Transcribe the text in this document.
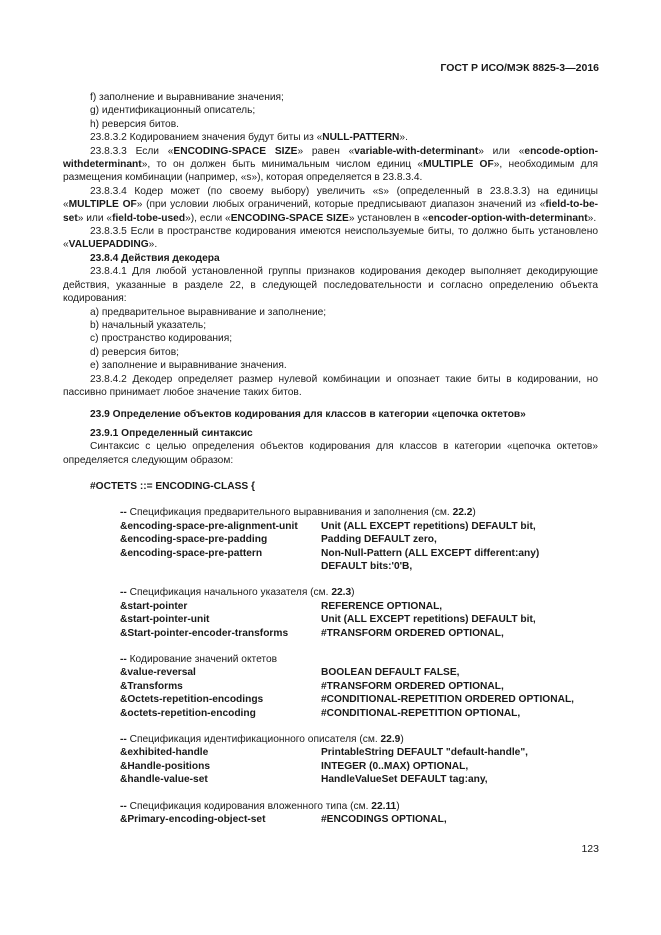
ГОСТ Р ИСО/МЭК 8825-3—2016

f) заполнение и выравнивание значения;

g) идентификационный описатель;

h) реверсия битов.

23.8.3.2 Кодированием значения будут биты из «NULL-PATTERN».

23.8.3.3 Если «ENCODING-SPACE SIZE» равен «variable-with-determinant» или «encode-option-withdeterminant», то он должен быть минимальным числом единиц «MULTIPLE OF», необходимым для размещения комбинации (например, «s»), которая определяется в 23.8.3.4.

23.8.3.4 Кодер может (по своему выбору) увеличить «s» (определенный в 23.8.3.3) на единицы «MULTIPLE OF» (при условии любых ограничений, которые предписывают диапазон значений из «field-to-be-set» или «field-tobe-used»), если «ENCODING-SPACE SIZE» установлен в «encoder-option-with-determinant».

23.8.3.5 Если в пространстве кодирования имеются неиспользуемые биты, то должно быть установлено «VALUEPADDING».

23.8.4 Действия декодера

23.8.4.1 Для любой установленной группы признаков кодирования декодер выполняет декодирующие действия, указанные в разделе 22, в следующей последовательности и согласно определению объекта кодирования:

a) предварительное выравнивание и заполнение;

b) начальный указатель;

c) пространство кодирования;

d) реверсия битов;

e) заполнение и выравнивание значения.

23.8.4.2 Декодер определяет размер нулевой комбинации и опознает такие биты в кодировании, но пассивно принимает любое значение таких битов.

23.9 Определение объектов кодирования для классов в категории «цепочка октетов»

23.9.1 Определенный синтаксис

Синтаксис с целью определения объектов кодирования для классов в категории «цепочка октетов» определяется следующим образом:

#OCTETS ::= ENCODING-CLASS {

-- Спецификация предварительного выравнивания и заполнения (см. 22.2)

&encoding-space-pre-alignment-unit	Unit (ALL EXCEPT repetitions) DEFAULT bit,
&encoding-space-pre-padding	Padding DEFAULT zero,
&encoding-space-pre-pattern	Non-Null-Pattern (ALL EXCEPT different:any)
DEFAULT bits:'0'B,

-- Спецификация начального указателя (см. 22.3)

&start-pointer	REFERENCE OPTIONAL,
&start-pointer-unit	Unit (ALL EXCEPT repetitions) DEFAULT bit,
&Start-pointer-encoder-transforms	#TRANSFORM ORDERED OPTIONAL,

-- Кодирование значений октетов

&value-reversal	BOOLEAN DEFAULT FALSE,
&Transforms	#TRANSFORM ORDERED OPTIONAL,
&Octets-repetition-encodings	#CONDITIONAL-REPETITION ORDERED OPTIONAL,
&octets-repetition-encoding	#CONDITIONAL-REPETITION OPTIONAL,

-- Спецификация идентификационного описателя (см. 22.9)

&exhibited-handle	PrintableString DEFAULT "default-handle",
&Handle-positions	INTEGER (0..MAX) OPTIONAL,
&handle-value-set	HandleValueSet DEFAULT tag:any,

-- Спецификация кодирования вложенного типа (см. 22.11)

&Primary-encoding-object-set	#ENCODINGS OPTIONAL,
123
